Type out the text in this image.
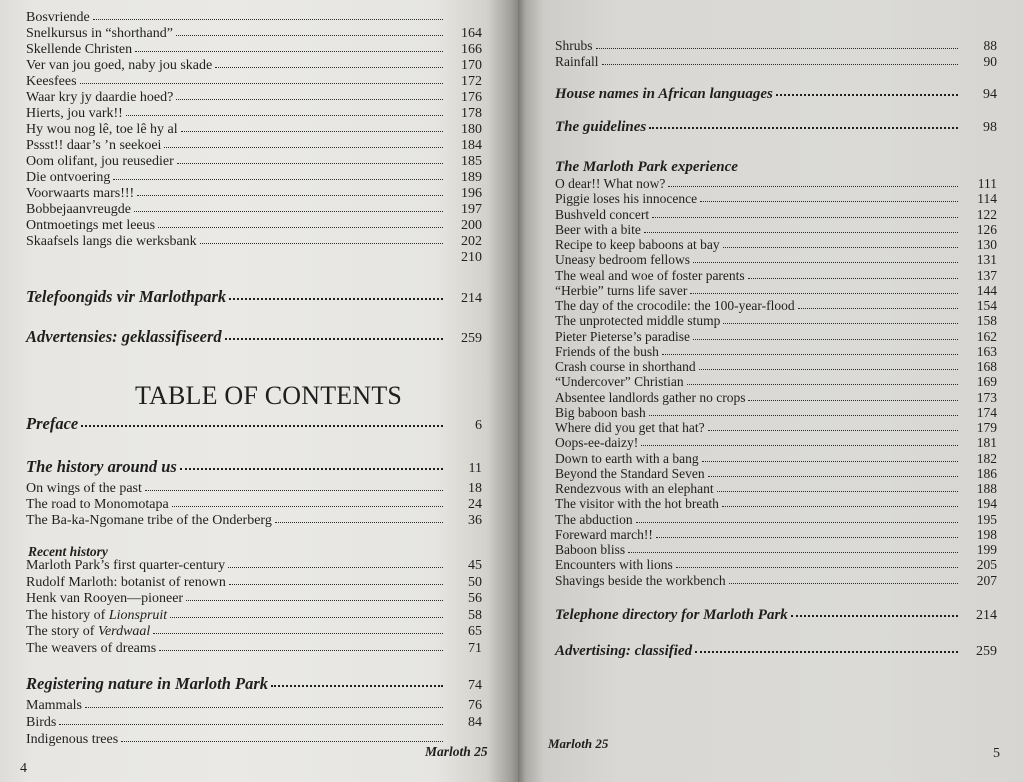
Bosvriende
Snelkursus in “shorthand”	164
Skellende Christen	166
Ver van jou goed, naby jou skade	170
Keesfees	172
Waar kry jy daardie hoed?	176
Hierts, jou vark!!	178
Hy wou nog lê, toe lê hy al	180
Pssst!! daar’s ’n seekoei	184
Oom olifant, jou reusedier	185
Die ontvoering	189
Voorwaarts mars!!!	196
Bobbejaanvreugde	197
Ontmoetings met leeus	200
Skaafsels langs die werksbank	202
210
Telefoongids vir Marlothpark	214
Advertensies: geklassifiseerd	259
TABLE OF CONTENTS
Preface	6
The history around us	11
On wings of the past	18
The road to Monomotapa	24
The Ba-ka-Ngomane tribe of the Onderberg	36
Recent history
Marloth Park’s first quarter-century	45
Rudolf Marloth: botanist of renown	50
Henk van Rooyen—pioneer	56
The history of Lionspruit	58
The story of Verdwaal	65
The weavers of dreams	71
Registering nature in Marloth Park	74
Mammals	76
Birds	84
Indigenous trees
Marloth 25
4
Shrubs	88
Rainfall	90
House names in African languages	94
The guidelines	98
The Marloth Park experience
O dear!! What now?	111
Piggie loses his innocence	114
Bushveld concert	122
Beer with a bite	126
Recipe to keep baboons at bay	130
Uneasy bedroom fellows	131
The weal and woe of foster parents	137
“Herbie” turns life saver	144
The day of the crocodile: the 100-year-flood	154
The unprotected middle stump	158
Pieter Pieterse’s paradise	162
Friends of the bush	163
Crash course in shorthand	168
“Undercover” Christian	169
Absentee landlords gather no crops	173
Big baboon bash	174
Where did you get that hat?	179
Oops-ee-daizy!	181
Down to earth with a bang	182
Beyond the Standard Seven	186
Rendezvous with an elephant	188
The visitor with the hot breath	194
The abduction	195
Foreward march!!	198
Baboon bliss	199
Encounters with lions	205
Shavings beside the workbench	207
Telephone directory for Marloth Park	214
Advertising: classified	259
Marloth 25
5
